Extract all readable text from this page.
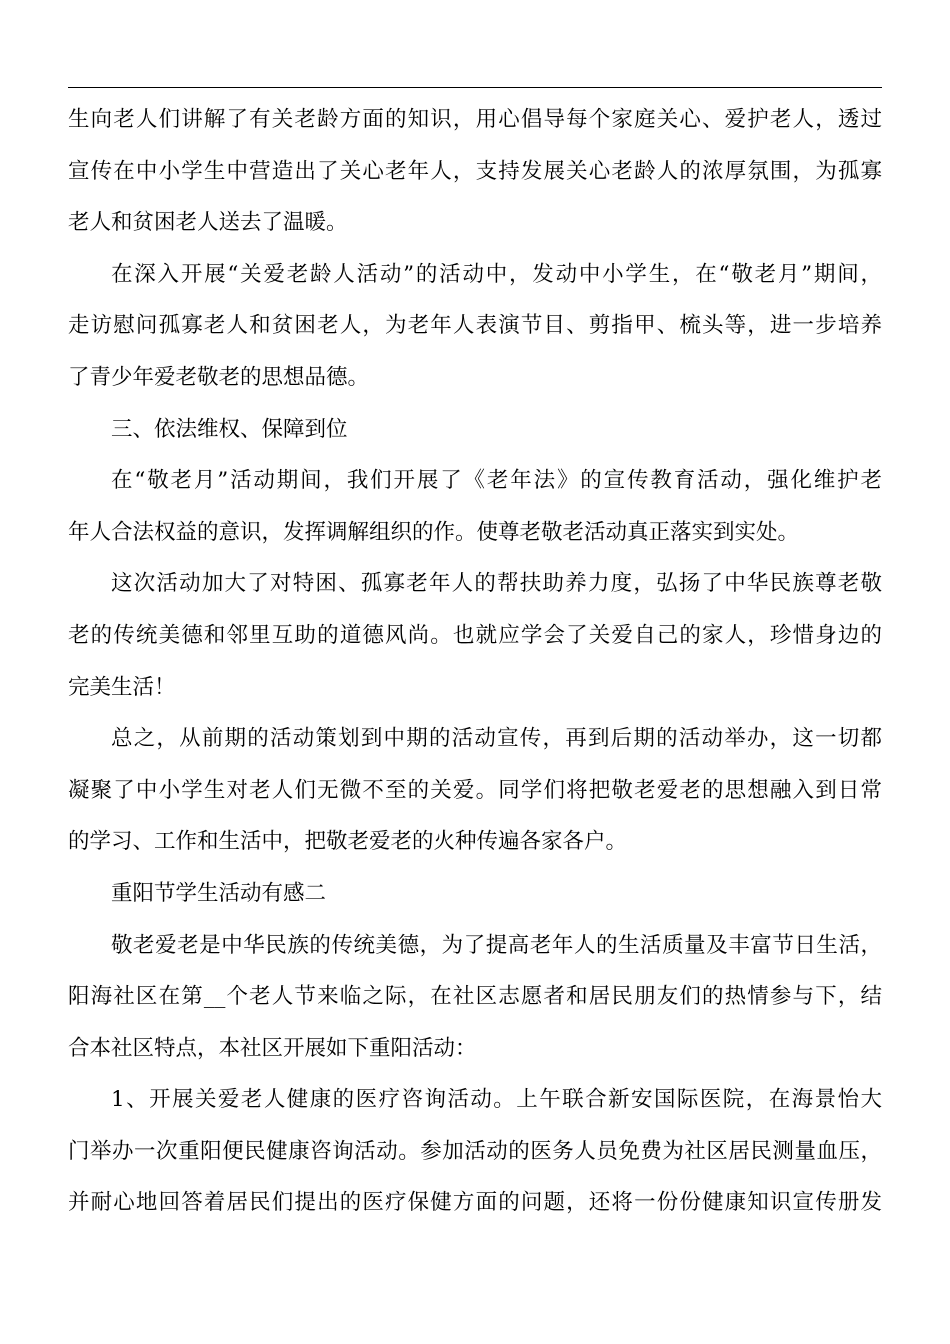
生向老人们讲解了有关老龄方面的知识，用心倡导每个家庭关心、爱护老人，透过
宣传在中小学生中营造出了关心老年人，支持发展关心老龄人的浓厚氛围，为孤寡
老人和贫困老人送去了温暖。
在深入开展“关爱老龄人活动”的活动中，发动中小学生，在“敬老月”期间，
走访慰问孤寡老人和贫困老人，为老年人表演节目、剪指甲、梳头等，进一步培养
了青少年爱老敬老的思想品德。
三、依法维权、保障到位
在“敬老月”活动期间，我们开展了《老年法》的宣传教育活动，强化维护老
年人合法权益的意识，发挥调解组织的作。使尊老敬老活动真正落实到实处。
这次活动加大了对特困、孤寡老年人的帮扶助养力度，弘扬了中华民族尊老敬
老的传统美德和邻里互助的道德风尚。也就应学会了关爱自己的家人，珍惜身边的
完美生活！
总之，从前期的活动策划到中期的活动宣传，再到后期的活动举办，这一切都
凝聚了中小学生对老人们无微不至的关爱。同学们将把敬老爱老的思想融入到日常
的学习、工作和生活中，把敬老爱老的火种传遍各家各户。
重阳节学生活动有感二
敬老爱老是中华民族的传统美德，为了提高老年人的生活质量及丰富节日生活，
阳海社区在第__个老人节来临之际，在社区志愿者和居民朋友们的热情参与下，结
合本社区特点，本社区开展如下重阳活动：
1、开展关爱老人健康的医疗咨询活动。上午联合新安国际医院，在海景怡大
门举办一次重阳便民健康咨询活动。参加活动的医务人员免费为社区居民测量血压，
并耐心地回答着居民们提出的医疗保健方面的问题，还将一份份健康知识宣传册发
